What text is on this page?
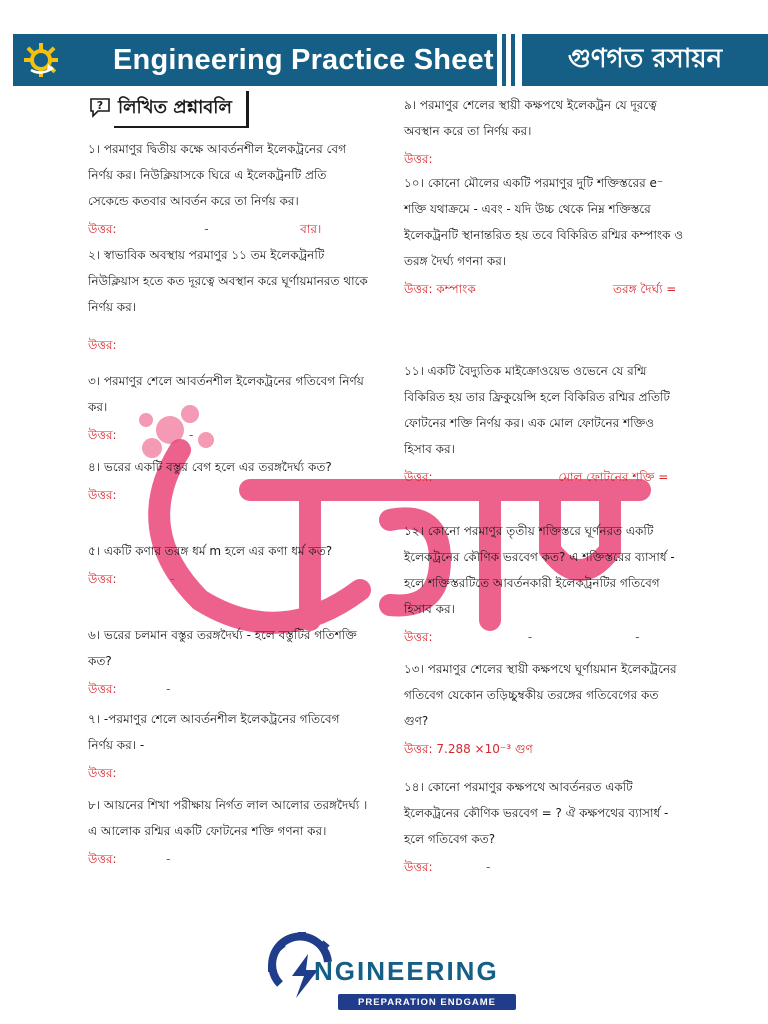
Engineering Practice Sheet	গুণগত রসায়ন
? লিখিত প্রশ্নাবলি

১। পরমাণুর দ্বিতীয় কক্ষে আবর্তনশীল ইলেকট্রনের বেগ নির্ণয় কর। নিউক্লিয়াসকে ঘিরে এ ইলেকট্রনটি প্রতি সেকেন্ডে কতবার আবর্তন করে তা নির্ণয় কর।

উত্তর:                       -                        বার।

২। স্বাভাবিক অবস্থায় পরমাণুর ১১ তম ইলেকট্রনটি নিউক্লিয়াস হতে কত দূরত্বে অবস্থান করে ঘূর্ণায়মানরত থাকে নির্ণয় কর।

উত্তর:

৩। পরমাণুর শেলে আবর্তনশীল ইলেকট্রনের গতিবেগ নির্ণয় কর।

উত্তর:                   -

৪। ভরের একটি বস্তুর বেগ হলে এর তরঙ্গদৈর্ঘ্য কত?

উত্তর:

৫। একটি কণার তরঙ্গ ধর্ম m হলে এর কণা ধর্ম কত?

উত্তর:              -

৬। ভরের চলমান বস্তুর তরঙ্গদৈর্ঘ্য - হলে বস্তুটির গতিশক্তি কত?

উত্তর:             -

৭। -পরমাণুর শেলে আবর্তনশীল ইলেকট্রনের গতিবেগ নির্ণয় কর। -

উত্তর:

৮। আয়নের শিখা পরীক্ষায় নির্গত লাল আলোর তরঙ্গদৈর্ঘ্য । এ আলোক রশ্মির একটি ফোটনের শক্তি গণনা কর।

উত্তর:             -

৯। পরমাণুর শেলের স্থায়ী কক্ষপথে ইলেকট্রন যে দূরত্বে অবস্থান করে তা নির্ণয় কর।

উত্তর:

১০। কোনো মৌলের একটি পরমাণুর দুটি শক্তিস্তরের e⁻ শক্তি যথাক্রমে - এবং - যদি উচ্চ থেকে নিম্ন শক্তিস্তরে ইলেকট্রনটি স্থানান্তরিত হয় তবে বিকিরিত রশ্মির কম্পাংক ও তরঙ্গ দৈর্ঘ্য গণনা কর।

উত্তর: কম্পাংক                                    তরঙ্গ দৈর্ঘ্য =

১১। একটি বৈদ্যুতিক মাইক্রোওয়েভ ওভেনে যে রশ্মি বিকিরিত হয় তার ফ্রিকুয়েন্সি হলে বিকিরিত রশ্মির প্রতিটি ফোটনের শক্তি নির্ণয় কর। এক মোল ফোটনের শক্তিও হিসাব কর।

উত্তর:                                 মোল ফোটনের শক্তি =

১২। কোনো পরমাণুর তৃতীয় শক্তিস্তরে ঘূর্ণনরত একটি ইলেকট্রনের কৌণিক ভরবেগ কত? এ শক্তিস্তরের ব্যাসার্ধ - হলে শক্তিস্তরটিতে আবর্তনকারী ইলেকট্রনটির গতিবেগ হিসাব কর।

উত্তর:                         -                           -

১৩। পরমাণুর শেলের স্থায়ী কক্ষপথে ঘূর্ণায়মান ইলেকট্রনের গতিবেগ যেকোন তড়িচ্চুম্বকীয় তরঙ্গের গতিবেগের কত গুণ?

উত্তর: 7.288 ×10⁻³ গুণ

১৪। কোনো পরমাণুর কক্ষপথে আবর্তনরত একটি ইলেকট্রনের কৌণিক ভরবেগ = ? ঐ কক্ষপথের ব্যাসার্ধ - হলে গতিবেগ কত?

উত্তর:              -

NGINEERING
PREPARATION ENDGAME
